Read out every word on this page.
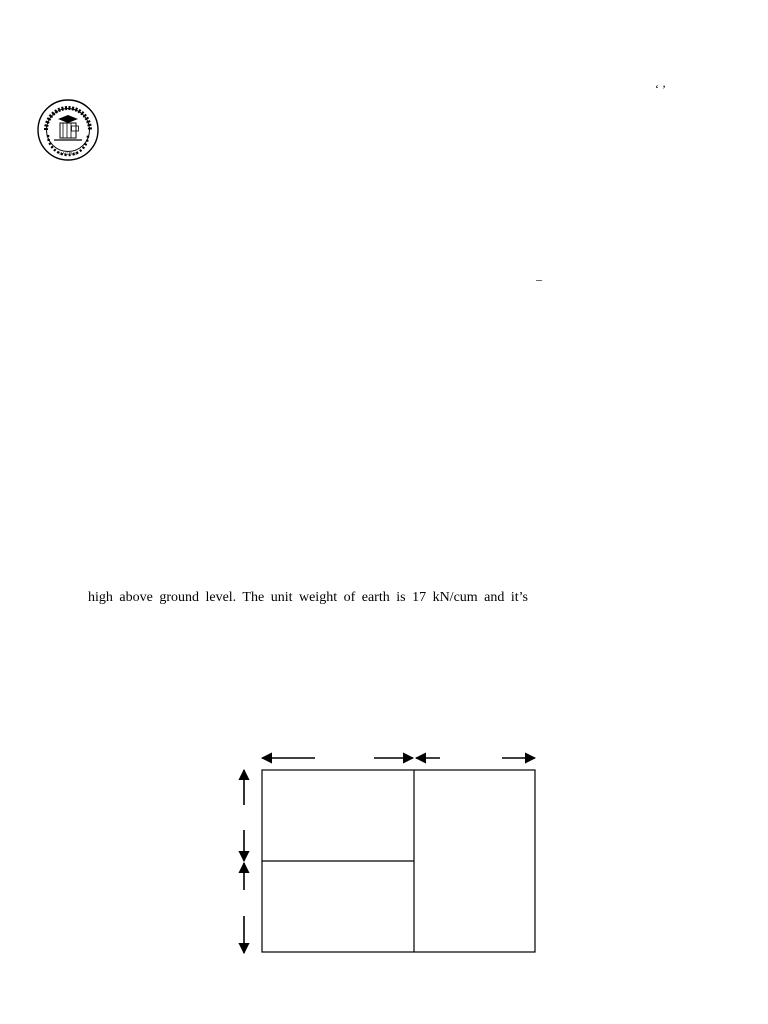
NAGPUR
‘ ’
–
high above ground level. The unit weight of earth is 17 kN/cum and it’s
